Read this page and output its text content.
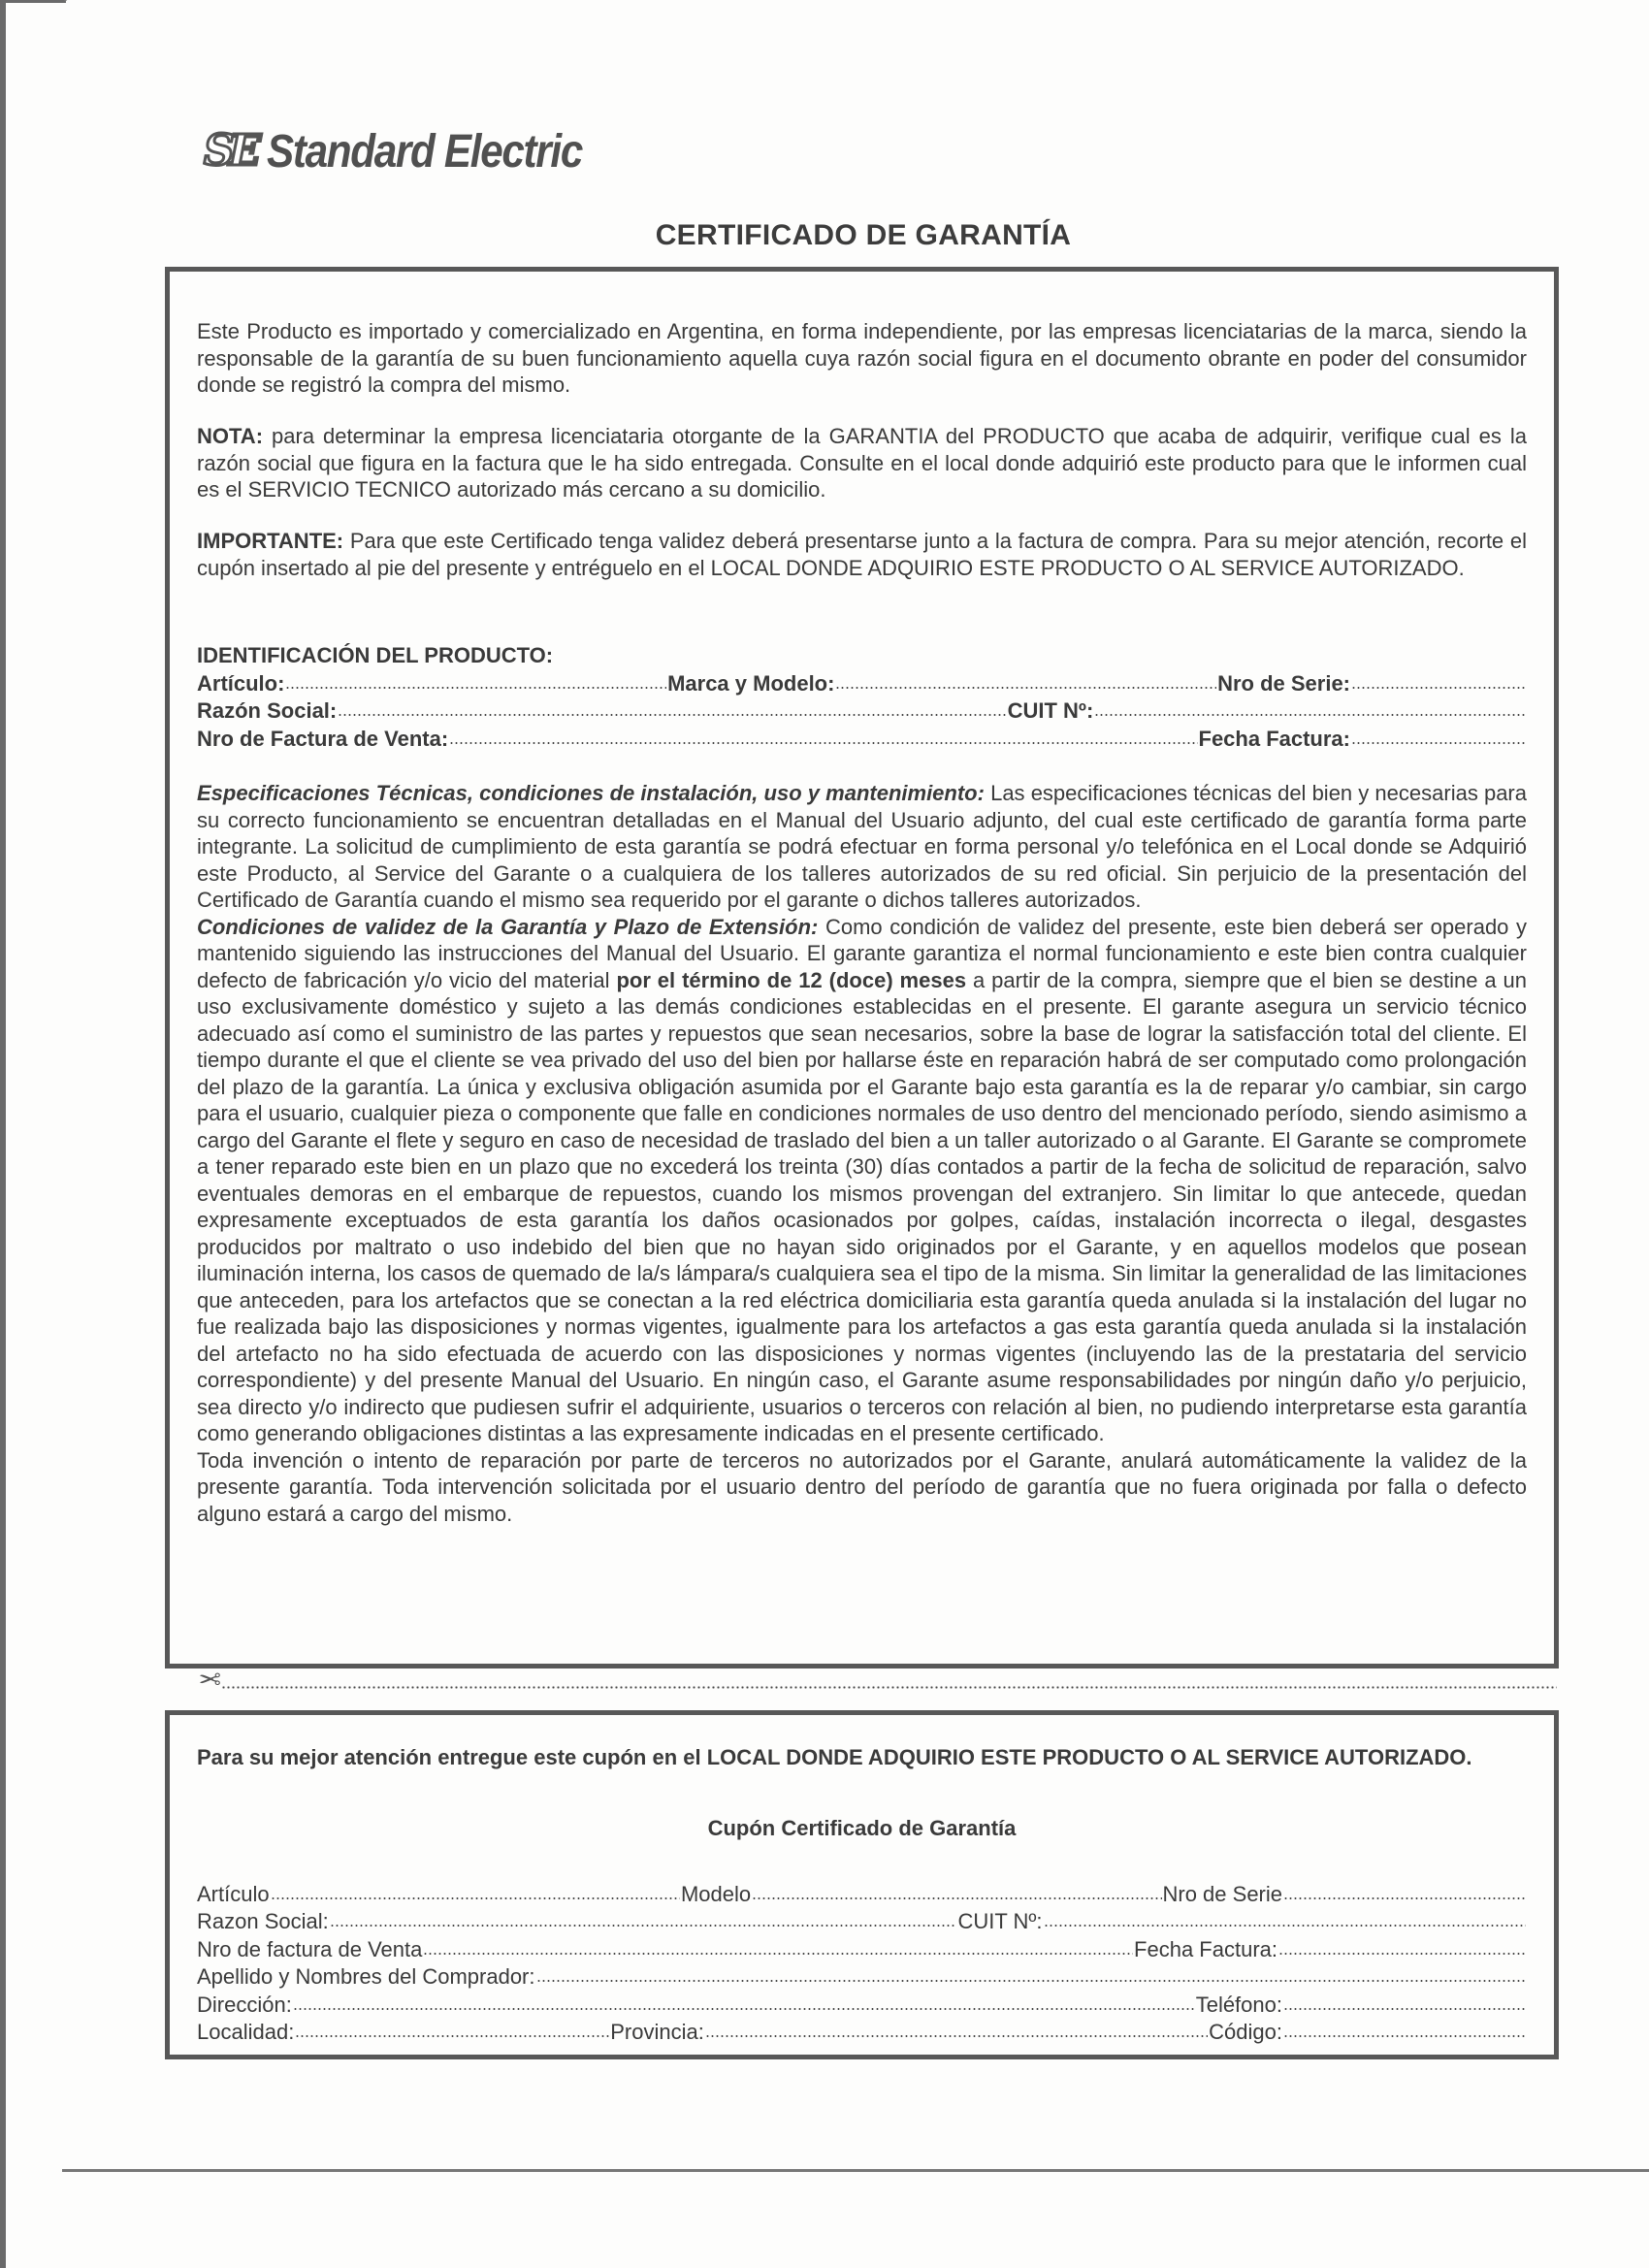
SE Standard Electric
CERTIFICADO DE GARANTÍA

Este Producto es importado y comercializado en Argentina, en forma independiente, por las empresas licenciatarias de la marca, siendo la responsable de la garantía de su buen funcionamiento aquella cuya razón social figura en el documento obrante en poder del consumidor donde se registró la compra del mismo.

NOTA: para determinar la empresa licenciataria otorgante de la GARANTIA del PRODUCTO que acaba de adquirir, verifique cual es la razón social que figura en la factura que le ha sido entregada. Consulte en el local donde adquirió este producto para que le informen cual es el SERVICIO TECNICO autorizado más cercano a su domicilio.

IMPORTANTE: Para que este Certificado tenga validez deberá presentarse junto a la factura de compra. Para su mejor atención, recorte el cupón insertado al pie del presente y entréguelo en el LOCAL DONDE ADQUIRIO ESTE PRODUCTO O AL SERVICE AUTORIZADO.

IDENTIFICACIÓN DEL PRODUCTO:
Artículo:	Marca y Modelo:	Nro de Serie:
Razón Social:	CUIT Nº:
Nro de Factura de Venta:	Fecha Factura:

Especificaciones Técnicas, condiciones de instalación, uso y mantenimiento: Las especificaciones técnicas del bien y necesarias para su correcto funcionamiento se encuentran detalladas en el Manual del Usuario adjunto, del cual este certificado de garantía forma parte integrante. La solicitud de cumplimiento de esta garantía se podrá efectuar en forma personal y/o telefónica en el Local donde se Adquirió este Producto, al Service del Garante o a cualquiera de los talleres autorizados de su red oficial. Sin perjuicio de la presentación del Certificado de Garantía cuando el mismo sea requerido por el garante o dichos talleres autorizados.

Condiciones de validez de la Garantía y Plazo de Extensión: Como condición de validez del presente, este bien deberá ser operado y mantenido siguiendo las instrucciones del Manual del Usuario. El garante garantiza el normal funcionamiento e este bien contra cualquier defecto de fabricación y/o vicio del material por el término de 12 (doce) meses a partir de la compra, siempre que el bien se destine a un uso exclusivamente doméstico y sujeto a las demás condiciones establecidas en el presente. El garante asegura un servicio técnico adecuado así como el suministro de las partes y repuestos que sean necesarios, sobre la base de lograr la satisfacción total del cliente. El tiempo durante el que el cliente se vea privado del uso del bien por hallarse éste en reparación habrá de ser computado como prolongación del plazo de la garantía. La única y exclusiva obligación asumida por el Garante bajo esta garantía es la de reparar y/o cambiar, sin cargo para el usuario, cualquier pieza o componente que falle en condiciones normales de uso dentro del mencionado período, siendo asimismo a cargo del Garante el flete y seguro en caso de necesidad de traslado del bien a un taller autorizado o al Garante. El Garante se compromete a tener reparado este bien en un plazo que no excederá los treinta (30) días contados a partir de la fecha de solicitud de reparación, salvo eventuales demoras en el embarque de repuestos, cuando los mismos provengan del extranjero. Sin limitar lo que antecede, quedan expresamente exceptuados de esta garantía los daños ocasionados por golpes, caídas, instalación incorrecta o ilegal, desgastes producidos por maltrato o uso indebido del bien que no hayan sido originados por el Garante, y en aquellos modelos que posean iluminación interna, los casos de quemado de la/s lámpara/s cualquiera sea el tipo de la misma. Sin limitar la generalidad de las limitaciones que anteceden, para los artefactos que se conectan a la red eléctrica domiciliaria esta garantía queda anulada si la instalación del lugar no fue realizada bajo las disposiciones y normas vigentes, igualmente para los artefactos a gas esta garantía queda anulada si la instalación del artefacto no ha sido efectuada de acuerdo con las disposiciones y normas vigentes (incluyendo las de la prestataria del servicio correspondiente) y del presente Manual del Usuario. En ningún caso, el Garante asume responsabilidades por ningún daño y/o perjuicio, sea directo y/o indirecto que pudiesen sufrir el adquiriente, usuarios o terceros con relación al bien, no pudiendo interpretarse esta garantía como generando obligaciones distintas a las expresamente indicadas en el presente certificado.

Toda invención o intento de reparación por parte de terceros no autorizados por el Garante, anulará automáticamente la validez de la presente garantía. Toda intervención solicitada por el usuario dentro del período de garantía que no fuera originada por falla o defecto alguno estará a cargo del mismo.

✂

Para su mejor atención entregue este cupón en el LOCAL DONDE ADQUIRIO ESTE PRODUCTO O AL SERVICE AUTORIZADO.

Cupón Certificado de Garantía
Artículo	Modelo	Nro de Serie
Razon Social:	CUIT Nº:
Nro de factura de Venta	Fecha Factura:
Apellido y Nombres del Comprador:
Dirección:	Teléfono:
Localidad:	Provincia:	Código:
